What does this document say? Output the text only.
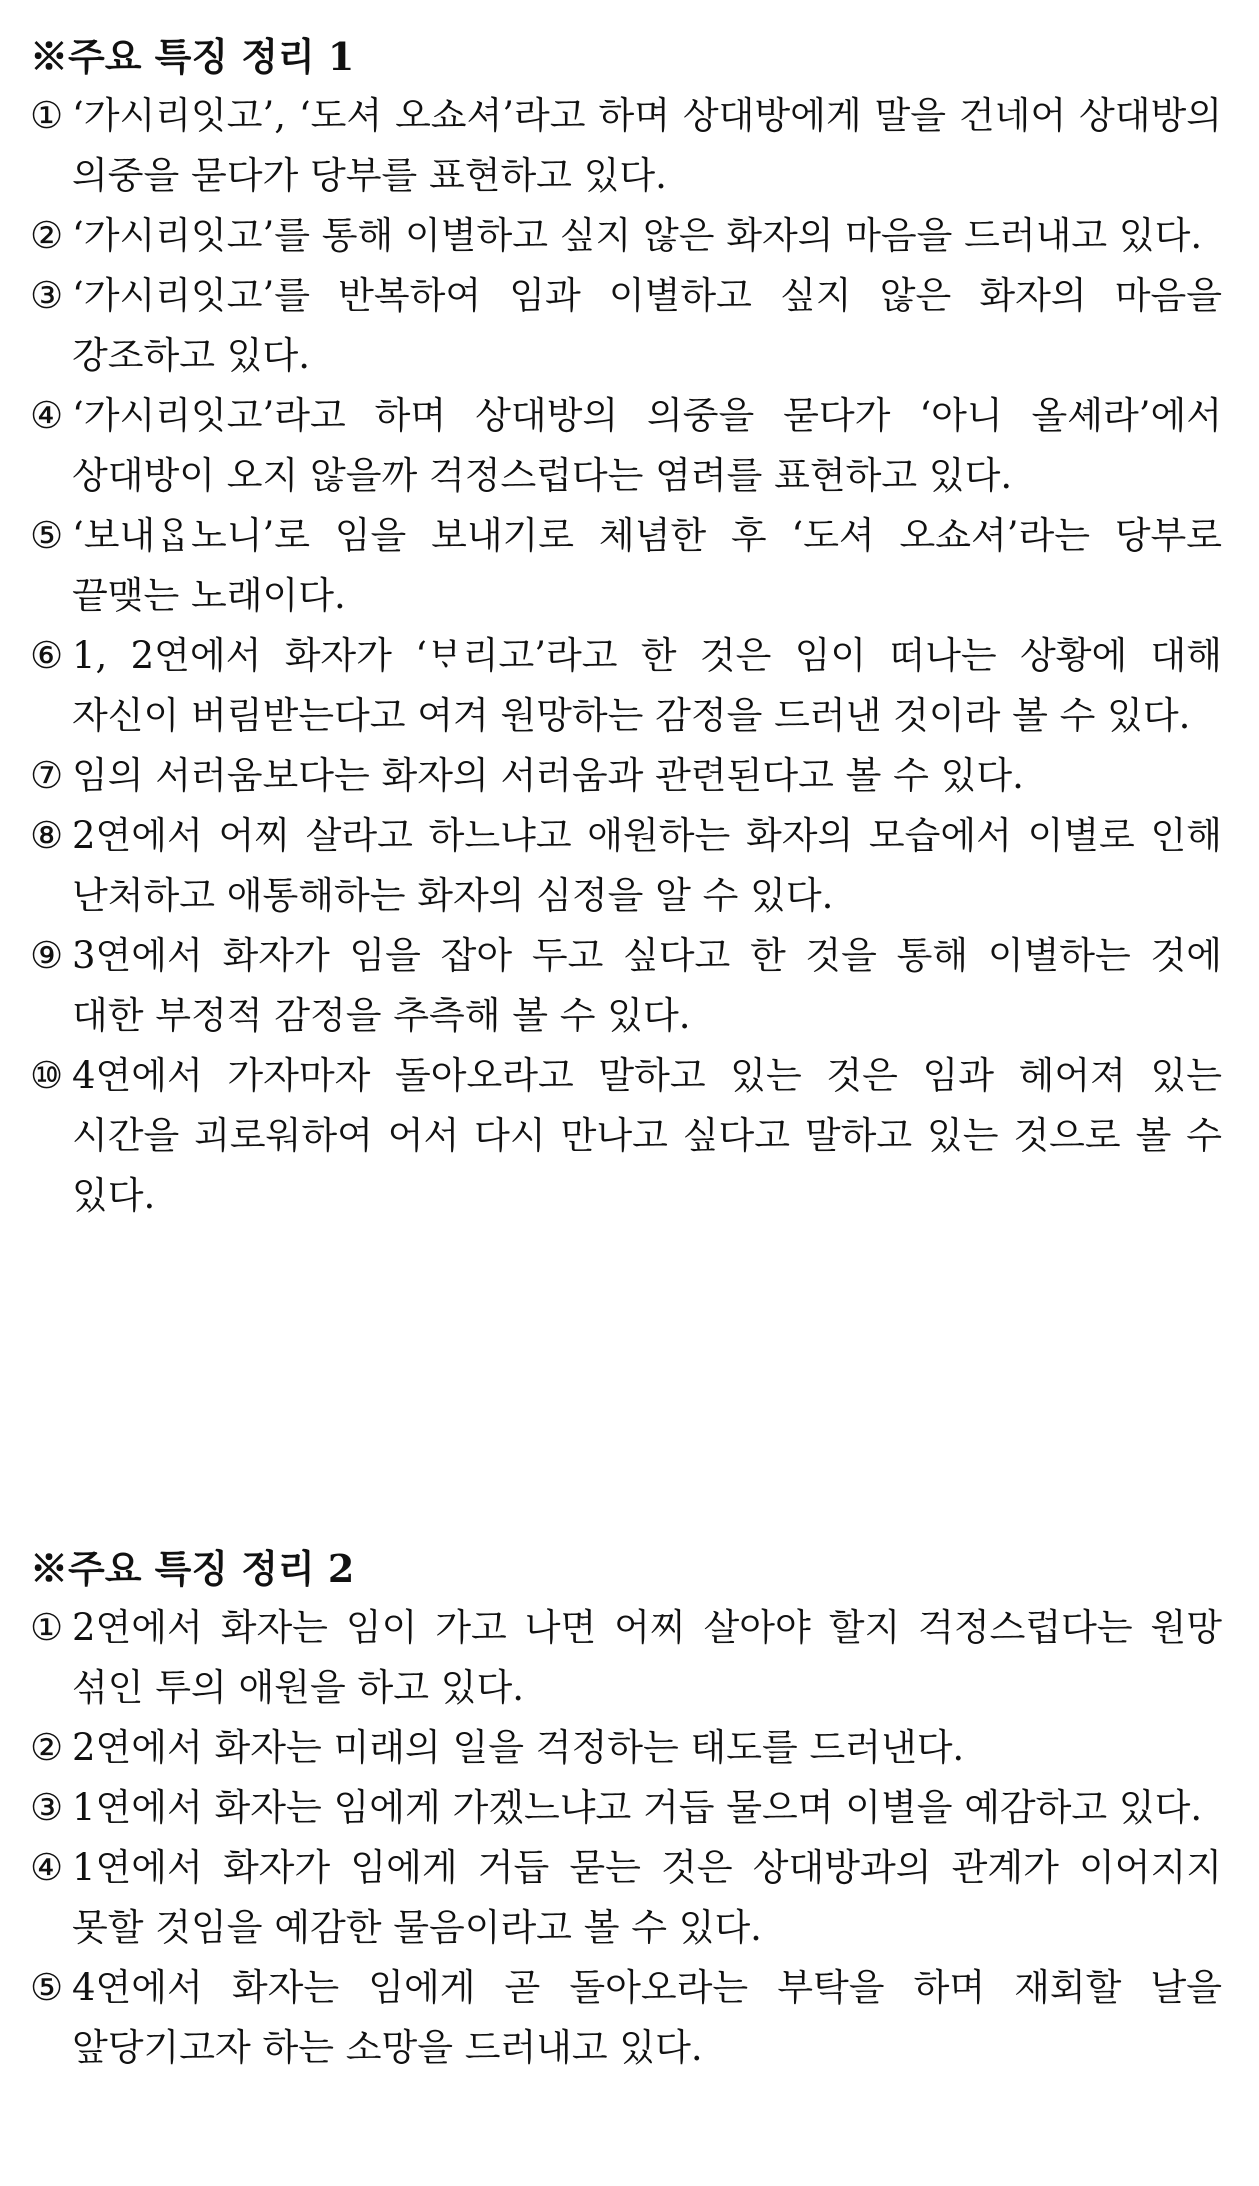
※주요 특징 정리 1
① ‘가시리잇고’, ‘도셔 오쇼셔’라고 하며 상대방에게 말을 건네어 상대방의 의중을 묻다가 당부를 표현하고 있다.
② ‘가시리잇고’를 통해 이별하고 싶지 않은 화자의 마음을 드러내고 있다.
③ ‘가시리잇고’를 반복하여 임과 이별하고 싶지 않은 화자의 마음을 강조하고 있다.
④ ‘가시리잇고’라고 하며 상대방의 의중을 묻다가 ‘아니 올셰라’에서 상대방이 오지 않을까 걱정스럽다는 염려를 표현하고 있다.
⑤ ‘보내ᄋᆞᆸ노니’로 임을 보내기로 체념한 후 ‘도셔 오쇼셔’라는 당부로 끝맺는 노래이다.
⑥ 1, 2연에서 화자가 ‘ᄇᆞ리고’라고 한 것은 임이 떠나는 상황에 대해 자신이 버림받는다고 여겨 원망하는 감정을 드러낸 것이라 볼 수 있다.
⑦ 임의 서러움보다는 화자의 서러움과 관련된다고 볼 수 있다.
⑧ 2연에서 어찌 살라고 하느냐고 애원하는 화자의 모습에서 이별로 인해 난처하고 애통해하는 화자의 심정을 알 수 있다.
⑨ 3연에서 화자가 임을 잡아 두고 싶다고 한 것을 통해 이별하는 것에 대한 부정적 감정을 추측해 볼 수 있다.
⑩ 4연에서 가자마자 돌아오라고 말하고 있는 것은 임과 헤어져 있는 시간을 괴로워하여 어서 다시 만나고 싶다고 말하고 있는 것으로 볼 수 있다.
※주요 특징 정리 2
① 2연에서 화자는 임이 가고 나면 어찌 살아야 할지 걱정스럽다는 원망 섞인 투의 애원을 하고 있다.
② 2연에서 화자는 미래의 일을 걱정하는 태도를 드러낸다.
③ 1연에서 화자는 임에게 가겠느냐고 거듭 물으며 이별을 예감하고 있다.
④ 1연에서 화자가 임에게 거듭 묻는 것은 상대방과의 관계가 이어지지 못할 것임을 예감한 물음이라고 볼 수 있다.
⑤ 4연에서 화자는 임에게 곧 돌아오라는 부탁을 하며 재회할 날을 앞당기고자 하는 소망을 드러내고 있다.
